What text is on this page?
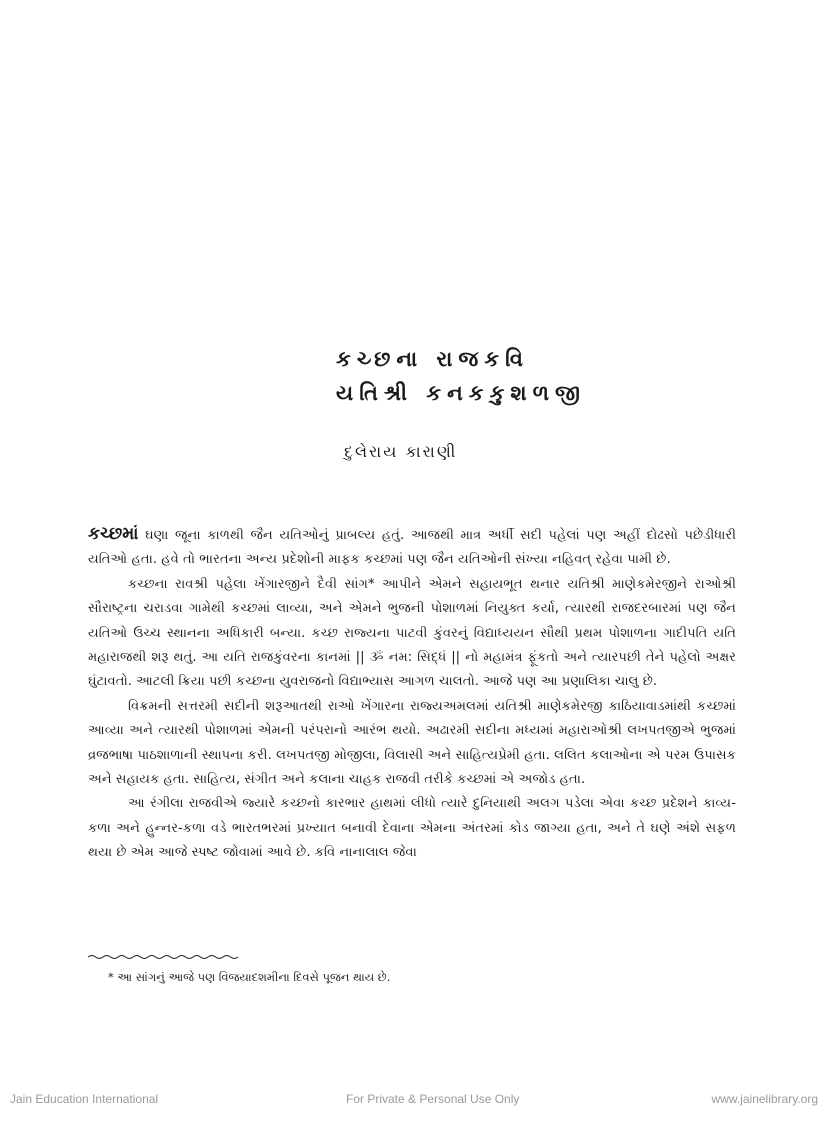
કચ્છના રાજકવિ
યતિશ્રી કનકકુશળજી
દુલેરાય કારાણી

કચ્છમાં ઘણા જૂના કાળથી જૈન યતિઓનું પ્રાબલ્ય હતું. આજથી માત્ર અર્ધી સદી પહેલાં પણ અહીં દોઢસો પછેડીધારી યતિઓ હતા. હવે તો ભારતના અન્ય પ્રદેશોની માફક કચ્છમાં પણ જૈન યતિઓની સંખ્યા નહિવત્ રહેવા પામી છે.

કચ્છના રાવશ્રી પહેલા ખેંગારજીને દૈવી સાંગ* આપીને એમને સહાયભૂત થનાર યતિશ્રી માણેકમેરજીને રાઓશ્રી સૌરાષ્ટ્રના ચરાડવા ગામેથી કચ્છમાં લાવ્યા, અને એમને ભુજની પોશાળમાં નિયુક્ત કર્યા, ત્યારથી રાજદરબારમાં પણ જૈન યતિઓ ઉચ્ચ સ્થાનના અધિકારી બન્યા. કચ્છ રાજ્યના પાટવી કુંવરનું વિદ્યાધ્યયન સૌથી પ્રથમ પોશાળના ગાદીપતિ યતિ મહારાજથી શરૂ થતું. આ યતિ રાજકુંવરના કાનમાં || ૐ નમ: સિદ્ધં || નો મહામંત્ર ફૂંકતો અને ત્યારપછી તેને પહેલો અક્ષર ઘુંટાવતો. આટલી ક્રિયા પછી કચ્છના યુવરાજનો વિદ્યાભ્યાસ આગળ ચાલતો. આજે પણ આ પ્રણાલિકા ચાલુ છે.

વિક્રમની સત્તરમી સદીની શરૂઆતથી રાઓ ખેંગારના રાજ્યઅમલમાં યતિશ્રી માણેકમેરજી કાઠિયાવાડમાંથી કચ્છમાં આવ્યા અને ત્યારથી પોશાળમાં એમની પરંપરાનો આરંભ થયો. અઢારમી સદીના મધ્યમાં મહારાઓશ્રી લખપતજીએ ભુજમાં વ્રજભાષા પાઠશાળાની સ્થાપના કરી. લખપતજી મોજીલા, વિલાસી અને સાહિત્યપ્રેમી હતા. લલિત કલાઓના એ પરમ ઉપાસક અને સહાયક હતા. સાહિત્ય, સંગીત અને કલાના ચાહક રાજવી તરીકે કચ્છમાં એ અજોડ હતા.

આ રંગીલા રાજવીએ જ્યારે કચ્છનો કારભાર હાથમાં લીધો ત્યારે દુનિયાથી અલગ પડેલા એવા કચ્છ પ્રદેશને કાવ્ય-કળા અને હુન્નર-કળા વડે ભારતભરમાં પ્રખ્યાત બનાવી દેવાના એમના અંતરમાં કોડ જાગ્યા હતા, અને તે ઘણે અંશે સફળ થયા છે એમ આજે સ્પષ્ટ જોવામાં આવે છે. કવિ નાનાલાલ જેવા

* આ સાંગનું આજે પણ વિજયાદશમીના દિવસે પૂજન થાય છે.
Jain Education International	For Private & Personal Use Only	www.jainelibrary.org
